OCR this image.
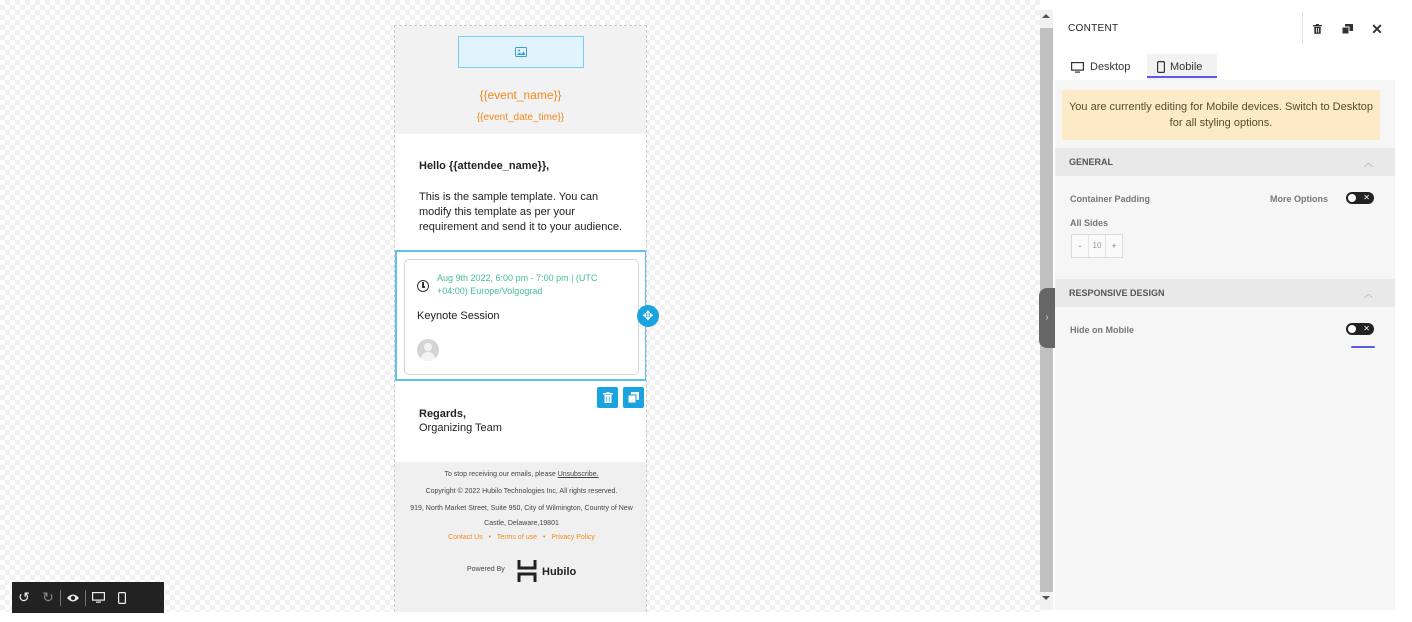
{{event_name}}
{{event_date_time}}
Hello {{attendee_name}},
This is the sample template. You can modify this template as per your requirement and send it to your audience.
Aug 9th 2022, 6:00 pm - 7:00 pm | (UTC +04:00) Europe/Volgograd
Keynote Session
Regards,
Organizing Team
To stop receiving our emails, please Unsubscribe.
Copyright © 2022 Hubilo Technologies Inc, All rights reserved.
919, North Market Street, Suite 950, City of Wilmington, Country of New
Castle, Delaware,19801
Contact Us • Terms of use • Privacy Policy
Powered By	Hubilo
✥	›
CONTENT	✕
Desktop	Mobile
You are currently editing for Mobile devices. Switch to Desktop for all styling options.
GENERAL	︿
Container Padding	More Options	✕
All Sides
-	10	+
RESPONSIVE DESIGN	︿
Hide on Mobile	✕
↺ ↻
